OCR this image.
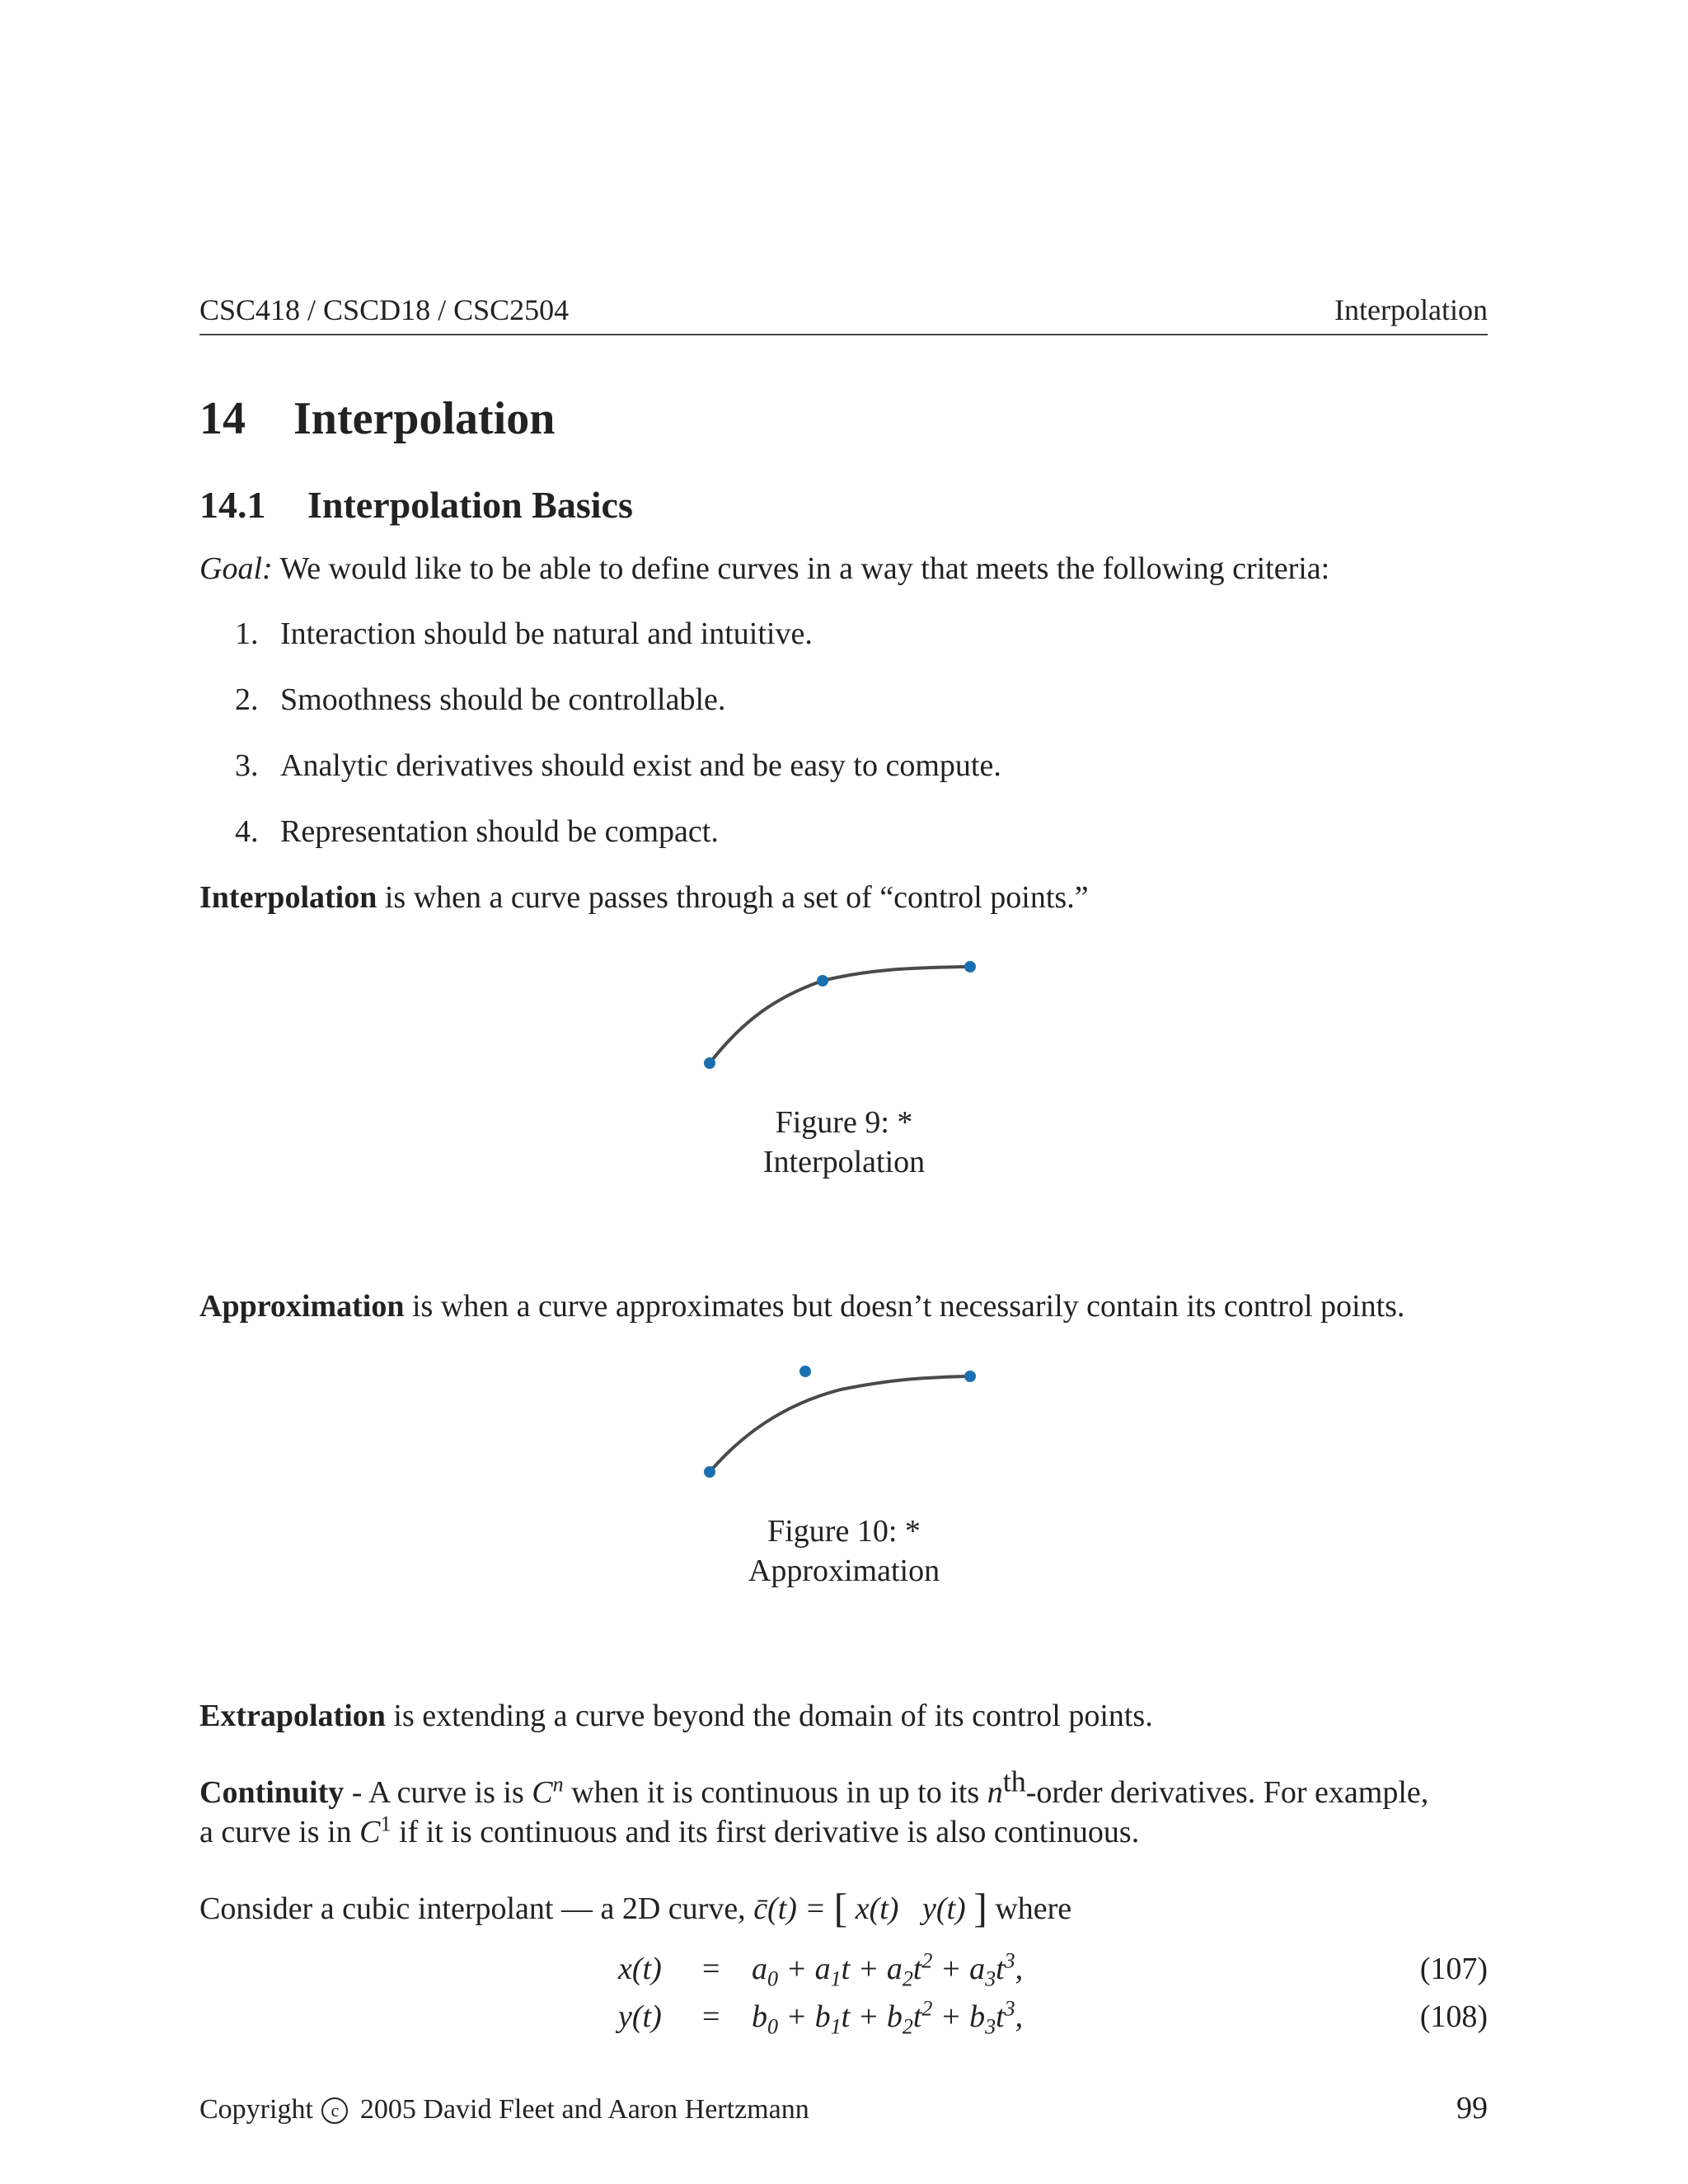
CSC418 / CSCD18 / CSC2504	Interpolation
14 Interpolation
14.1 Interpolation Basics
Goal: We would like to be able to define curves in a way that meets the following criteria:
1. Interaction should be natural and intuitive.
2. Smoothness should be controllable.
3. Analytic derivatives should exist and be easy to compute.
4. Representation should be compact.
Interpolation is when a curve passes through a set of “control points.”
Figure 9: *
Interpolation
Approximation is when a curve approximates but doesn’t necessarily contain its control points.
Figure 10: *
Approximation
Extrapolation is extending a curve beyond the domain of its control points.
Continuity - A curve is is $C^n$ when it is continuous in up to its $n^{th}$-order derivatives. For example,
a curve is in $C^1$ if it is continuous and its first derivative is also continuous.
Consider a cubic interpolant — a 2D curve, c̄(t) = [ x(t)   y(t) ] where
$x(t) = a_0 + a_1t + a_2t^2 + a_3t^3$,	(107)
$y(t) = b_0 + b_1t + b_2t^2 + b_3t^3$,	(108)
Copyright c 2005 David Fleet and Aaron Hertzmann	99
